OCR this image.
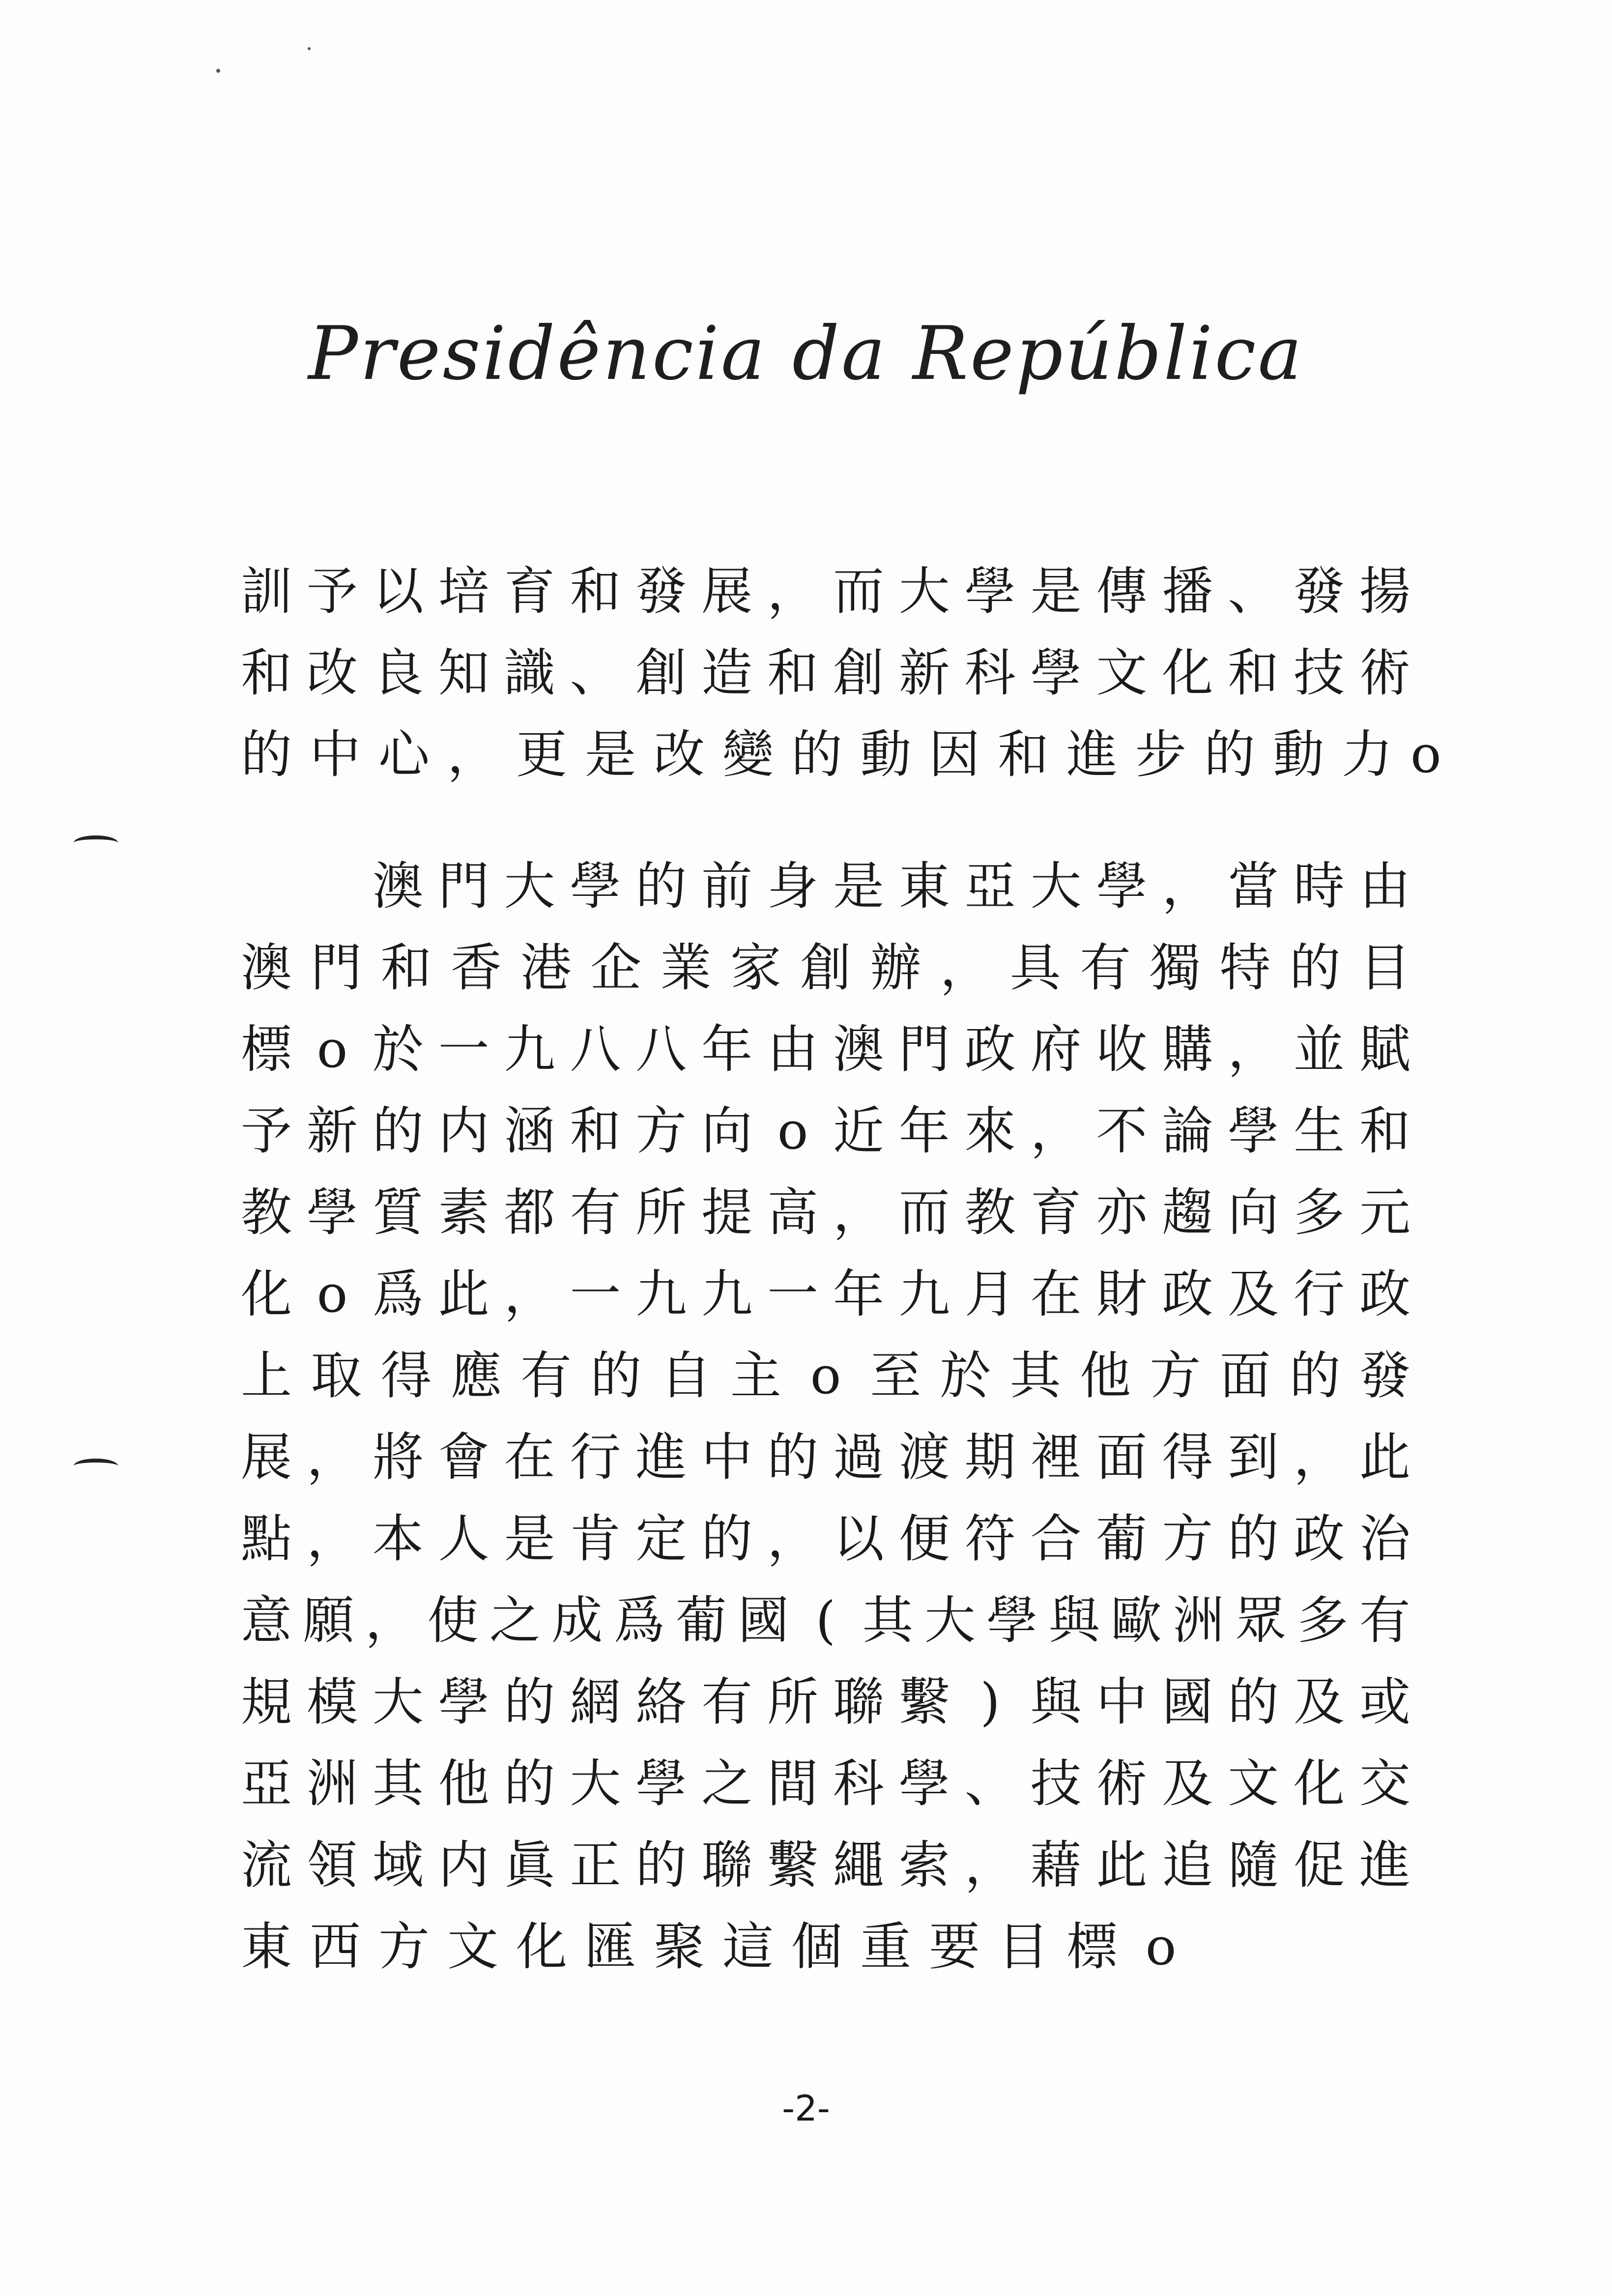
Presidência da República
訓 予 以 培 育 和 發 展 ， 而 大 學 是 傳 播 、 發 揚
和 改 良 知 識 、 創 造 和 創 新 科 學 文 化 和 技 術
的 中 心 ， 更 是 改 變 的 動 因 和 進 步 的 動 力 o

澳 門 大 學 的 前 身 是 東 亞 大 學 ， 當 時 由
澳 門 和 香 港 企 業 家 創 辦 ， 具 有 獨 特 的 目
標 o 於 一 九 八 八 年 由 澳 門 政 府 收 購 ， 並 賦
予 新 的 内 涵 和 方 向 o 近 年 來 ， 不 論 學 生 和
教 學 質 素 都 有 所 提 高 ， 而 教 育 亦 趨 向 多 元
化 o 爲 此 ， 一 九 九 一 年 九 月 在 財 政 及 行 政
上 取 得 應 有 的 自 主 o 至 於 其 他 方 面 的 發
展 ， 將 會 在 行 進 中 的 過 渡 期 裡 面 得 到 ， 此
點 ， 本 人 是 肯 定 的 ， 以 便 符 合 葡 方 的 政 治
意 願 ， 使 之 成 爲 葡 國 ( 其 大 學 與 歐 洲 眾 多 有
規 模 大 學 的 網 絡 有 所 聯 繫 ) 與 中 國 的 及 或
亞 洲 其 他 的 大 學 之 間 科 學 、 技 術 及 文 化 交
流 領 域 内 眞 正 的 聯 繫 繩 索 ， 藉 此 追 隨 促 進
東 西 方 文 化 匯 聚 這 個 重 要 目 標 o
-2-
